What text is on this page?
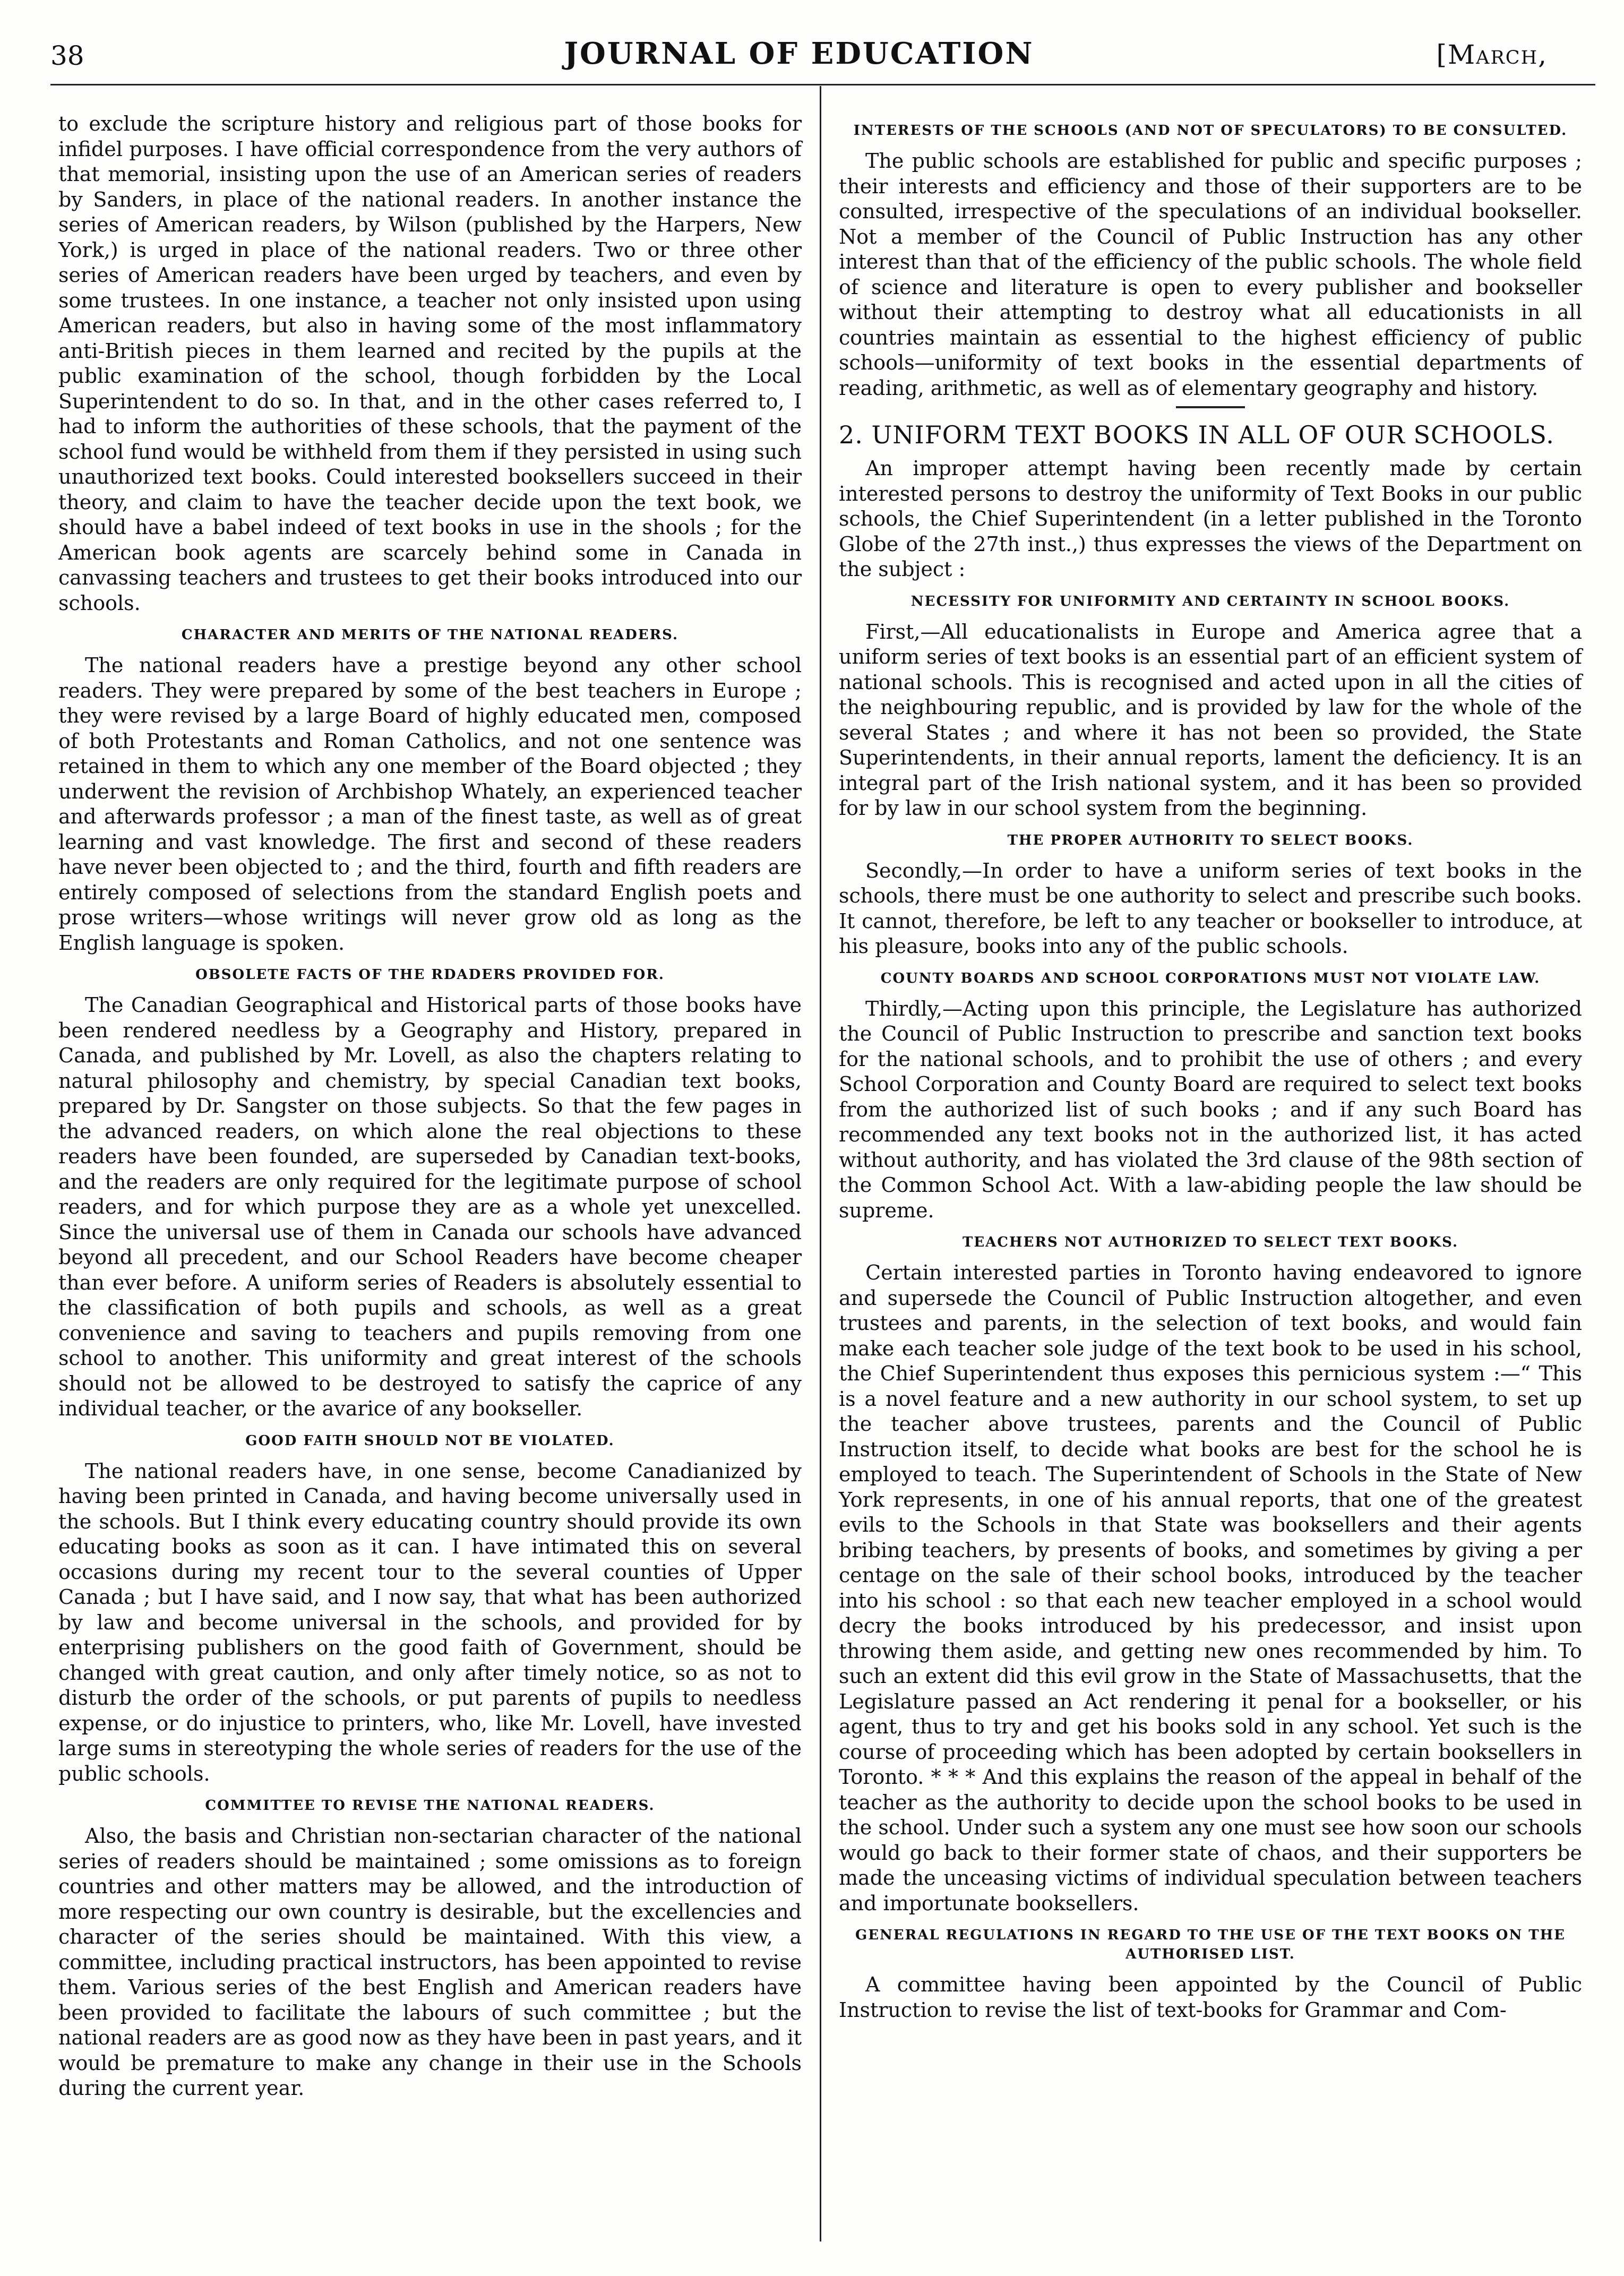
38	JOURNAL OF EDUCATION	[March,

to exclude the scripture history and religious part of those books for infidel purposes. I have official correspondence from the very authors of that memorial, insisting upon the use of an American series of readers by Sanders, in place of the national readers. In another instance the series of American readers, by Wilson (published by the Harpers, New York,) is urged in place of the national readers. Two or three other series of American readers have been urged by teachers, and even by some trustees. In one instance, a teacher not only insisted upon using American readers, but also in having some of the most inflammatory anti-British pieces in them learned and recited by the pupils at the public examination of the school, though forbidden by the Local Superintendent to do so. In that, and in the other cases referred to, I had to inform the authorities of these schools, that the payment of the school fund would be withheld from them if they persisted in using such unauthorized text books. Could interested booksellers succeed in their theory, and claim to have the teacher decide upon the text book, we should have a babel indeed of text books in use in the shools ; for the American book agents are scarcely behind some in Canada in canvassing teachers and trustees to get their books introduced into our schools.

CHARACTER AND MERITS OF THE NATIONAL READERS.

The national readers have a prestige beyond any other school readers. They were prepared by some of the best teachers in Europe ; they were revised by a large Board of highly educated men, composed of both Protestants and Roman Catholics, and not one sentence was retained in them to which any one member of the Board objected ; they underwent the revision of Archbishop Whately, an experienced teacher and afterwards professor ; a man of the finest taste, as well as of great learning and vast knowledge. The first and second of these readers have never been objected to ; and the third, fourth and fifth readers are entirely composed of selections from the standard English poets and prose writers—whose writings will never grow old as long as the English language is spoken.

OBSOLETE FACTS OF THE RDADERS PROVIDED FOR.

The Canadian Geographical and Historical parts of those books have been rendered needless by a Geography and History, prepared in Canada, and published by Mr. Lovell, as also the chapters relating to natural philosophy and chemistry, by special Canadian text books, prepared by Dr. Sangster on those subjects. So that the few pages in the advanced readers, on which alone the real objections to these readers have been founded, are superseded by Canadian text-books, and the readers are only required for the legitimate purpose of school readers, and for which purpose they are as a whole yet unexcelled. Since the universal use of them in Canada our schools have advanced beyond all precedent, and our School Readers have become cheaper than ever before. A uniform series of Readers is absolutely essential to the classification of both pupils and schools, as well as a great convenience and saving to teachers and pupils removing from one school to another. This uniformity and great interest of the schools should not be allowed to be destroyed to satisfy the caprice of any individual teacher, or the avarice of any bookseller.

GOOD FAITH SHOULD NOT BE VIOLATED.

The national readers have, in one sense, become Canadianized by having been printed in Canada, and having become universally used in the schools. But I think every educating country should provide its own educating books as soon as it can. I have intimated this on several occasions during my recent tour to the several counties of Upper Canada ; but I have said, and I now say, that what has been authorized by law and become universal in the schools, and provided for by enterprising publishers on the good faith of Government, should be changed with great caution, and only after timely notice, so as not to disturb the order of the schools, or put parents of pupils to needless expense, or do injustice to printers, who, like Mr. Lovell, have invested large sums in stereotyping the whole series of readers for the use of the public schools.

COMMITTEE TO REVISE THE NATIONAL READERS.

Also, the basis and Christian non-sectarian character of the national series of readers should be maintained ; some omissions as to foreign countries and other matters may be allowed, and the introduction of more respecting our own country is desirable, but the excellencies and character of the series should be maintained. With this view, a committee, including practical instructors, has been appointed to revise them. Various series of the best English and American readers have been provided to facilitate the labours of such committee ; but the national readers are as good now as they have been in past years, and it would be premature to make any change in their use in the Schools during the current year.

INTERESTS OF THE SCHOOLS (AND NOT OF SPECULATORS) TO BE CONSULTED.

The public schools are established for public and specific purposes ; their interests and efficiency and those of their supporters are to be consulted, irrespective of the speculations of an individual bookseller. Not a member of the Council of Public Instruction has any other interest than that of the efficiency of the public schools. The whole field of science and literature is open to every publisher and bookseller without their attempting to destroy what all educationists in all countries maintain as essential to the highest efficiency of public schools—uniformity of text books in the essential departments of reading, arithmetic, as well as of elementary geography and history.

2. UNIFORM TEXT BOOKS IN ALL OF OUR SCHOOLS.

An improper attempt having been recently made by certain interested persons to destroy the uniformity of Text Books in our public schools, the Chief Superintendent (in a letter published in the Toronto Globe of the 27th inst.,) thus expresses the views of the Department on the subject :

NECESSITY FOR UNIFORMITY AND CERTAINTY IN SCHOOL BOOKS.

First,—All educationalists in Europe and America agree that a uniform series of text books is an essential part of an efficient system of national schools. This is recognised and acted upon in all the cities of the neighbouring republic, and is provided by law for the whole of the several States ; and where it has not been so provided, the State Superintendents, in their annual reports, lament the deficiency. It is an integral part of the Irish national system, and it has been so provided for by law in our school system from the beginning.

THE PROPER AUTHORITY TO SELECT BOOKS.

Secondly,—In order to have a uniform series of text books in the schools, there must be one authority to select and prescribe such books. It cannot, therefore, be left to any teacher or bookseller to introduce, at his pleasure, books into any of the public schools.

COUNTY BOARDS AND SCHOOL CORPORATIONS MUST NOT VIOLATE LAW.

Thirdly,—Acting upon this principle, the Legislature has authorized the Council of Public Instruction to prescribe and sanction text books for the national schools, and to prohibit the use of others ; and every School Corporation and County Board are required to select text books from the authorized list of such books ; and if any such Board has recommended any text books not in the authorized list, it has acted without authority, and has violated the 3rd clause of the 98th section of the Common School Act. With a law-abiding people the law should be supreme.

TEACHERS NOT AUTHORIZED TO SELECT TEXT BOOKS.

Certain interested parties in Toronto having endeavored to ignore and supersede the Council of Public Instruction altogether, and even trustees and parents, in the selection of text books, and would fain make each teacher sole judge of the text book to be used in his school, the Chief Superintendent thus exposes this pernicious system :—“ This is a novel feature and a new authority in our school system, to set up the teacher above trustees, parents and the Council of Public Instruction itself, to decide what books are best for the school he is employed to teach. The Superintendent of Schools in the State of New York represents, in one of his annual reports, that one of the greatest evils to the Schools in that State was booksellers and their agents bribing teachers, by presents of books, and sometimes by giving a per centage on the sale of their school books, introduced by the teacher into his school : so that each new teacher employed in a school would decry the books introduced by his predecessor, and insist upon throwing them aside, and getting new ones recommended by him. To such an extent did this evil grow in the State of Massachusetts, that the Legislature passed an Act rendering it penal for a bookseller, or his agent, thus to try and get his books sold in any school. Yet such is the course of proceeding which has been adopted by certain booksellers in Toronto. * * * And this explains the reason of the appeal in behalf of the teacher as the authority to decide upon the school books to be used in the school. Under such a system any one must see how soon our schools would go back to their former state of chaos, and their supporters be made the unceasing victims of individual speculation between teachers and importunate booksellers.

GENERAL REGULATIONS IN REGARD TO THE USE OF THE TEXT BOOKS ON THE AUTHORISED LIST.

A committee having been appointed by the Council of Public Instruction to revise the list of text-books for Grammar and Com-
